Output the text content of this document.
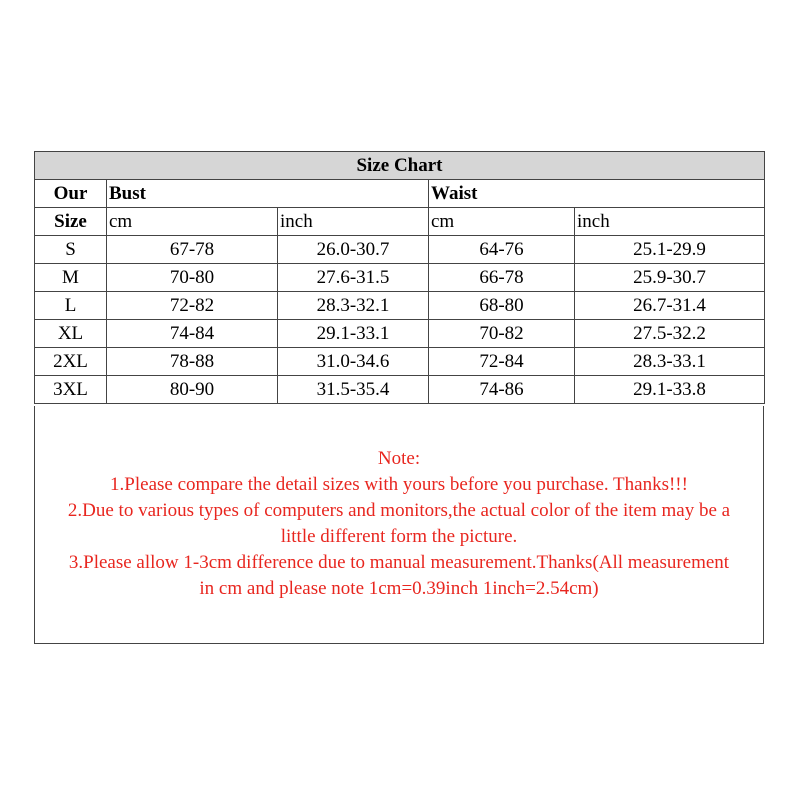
Size Chart				
Our	Bust		Waist	
Size	cm	inch	cm	inch
S	67-78	26.0-30.7	64-76	25.1-29.9
M	70-80	27.6-31.5	66-78	25.9-30.7
L	72-82	28.3-32.1	68-80	26.7-31.4
XL	74-84	29.1-33.1	70-82	27.5-32.2
2XL	78-88	31.0-34.6	72-84	28.3-33.1
3XL	80-90	31.5-35.4	74-86	29.1-33.8
Note:
1.Please compare the detail sizes with yours before you purchase. Thanks!!!
2.Due to various types of computers and monitors,the actual color of the item may be a
little different form the picture.
3.Please allow 1-3cm difference due to manual measurement.Thanks(All measurement
in cm and please note 1cm=0.39inch 1inch=2.54cm)
